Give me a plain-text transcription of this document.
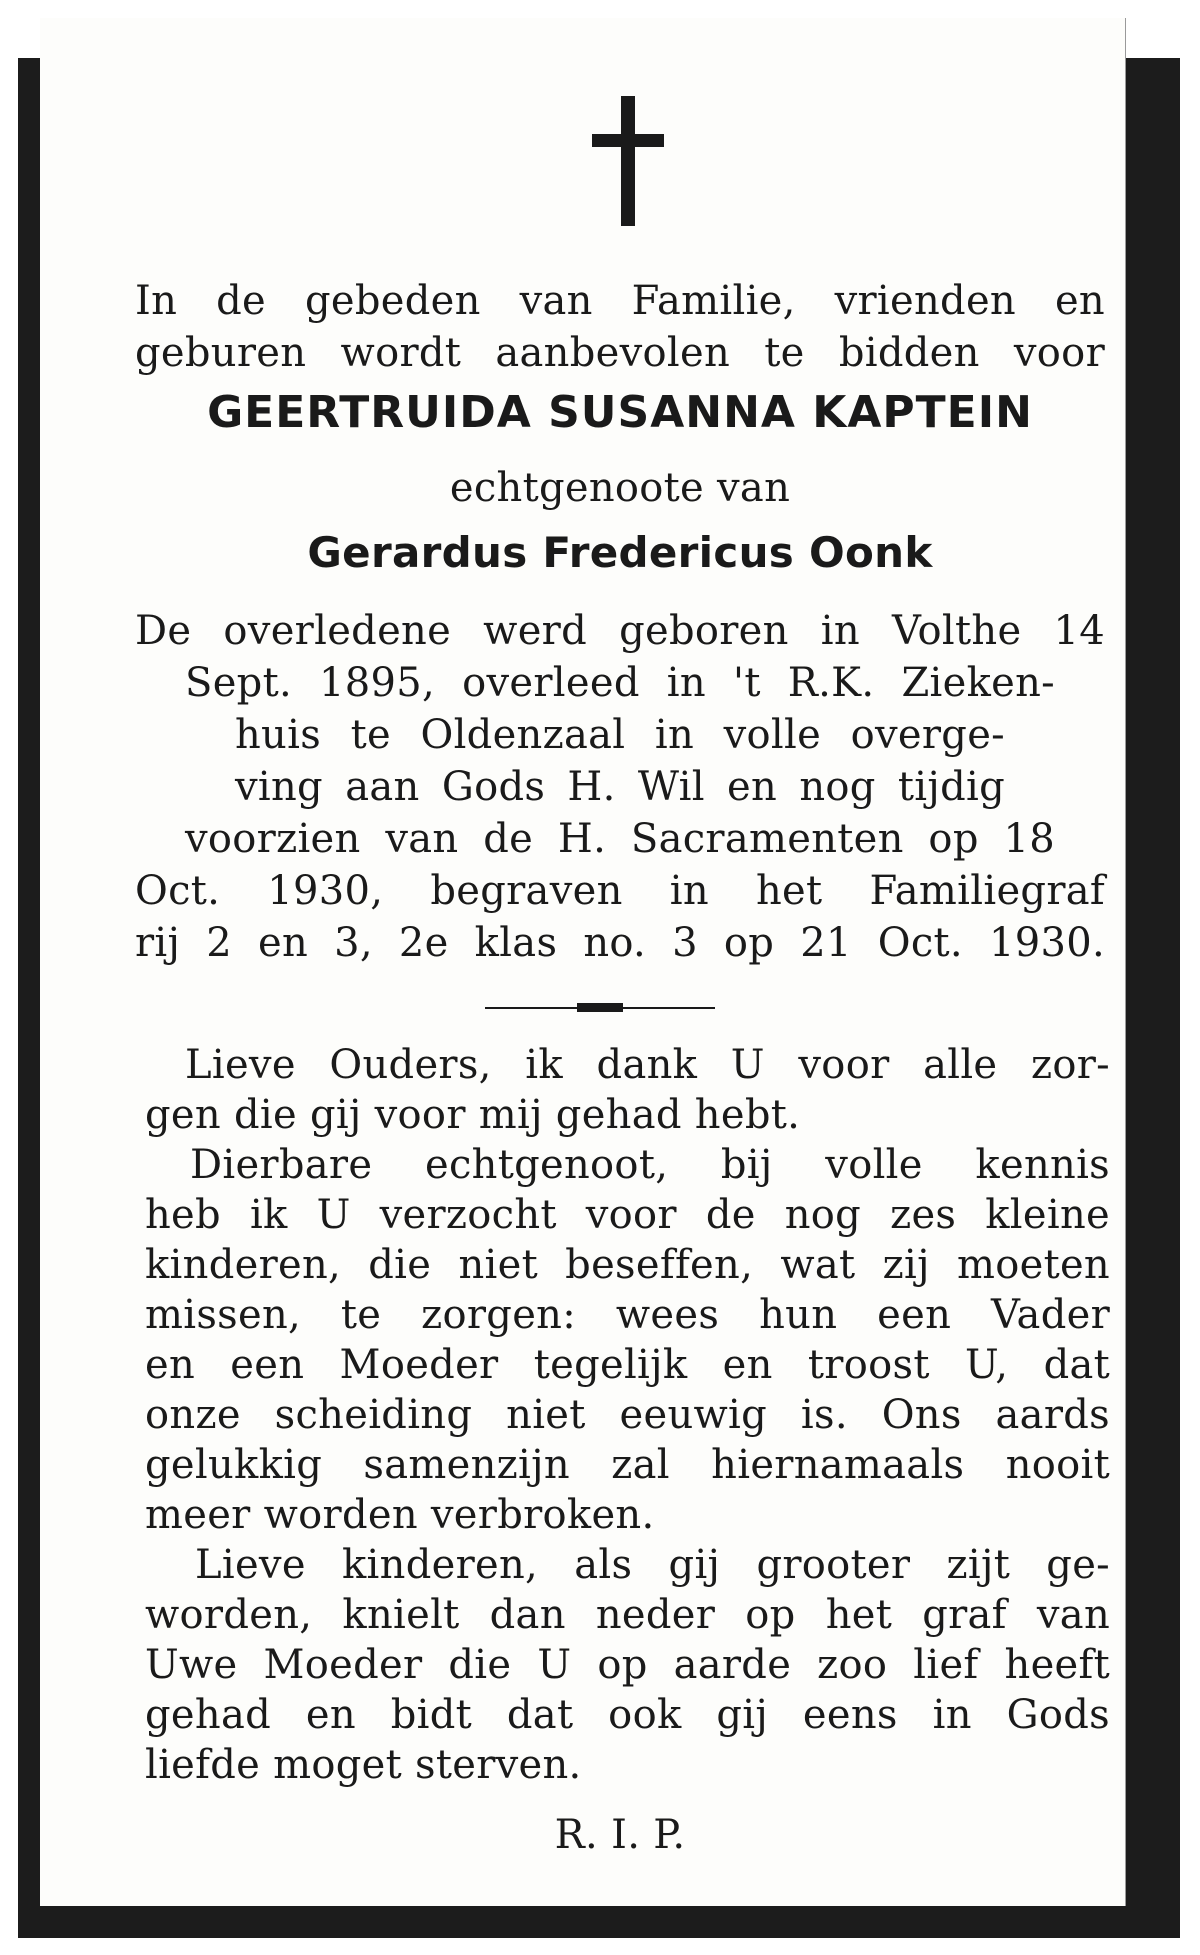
In de gebeden van Familie, vrienden en
geburen wordt aanbevolen te bidden voor
GEERTRUIDA SUSANNA KAPTEIN
echtgenoote van
Gerardus Fredericus Oonk
De overledene werd geboren in Volthe 14
Sept. 1895, overleed in 't R.K. Zieken-
huis te Oldenzaal in volle overge-
ving aan Gods H. Wil en nog tijdig
voorzien van de H. Sacramenten op 18
Oct. 1930, begraven in het Familiegraf
rij 2 en 3, 2e klas no. 3 op 21 Oct. 1930.
Lieve Ouders, ik dank U voor alle zor-
gen die gij voor mij gehad hebt.
Dierbare echtgenoot, bij volle kennis
heb ik U verzocht voor de nog zes kleine
kinderen, die niet beseffen, wat zij moeten
missen, te zorgen: wees hun een Vader
en een Moeder tegelijk en troost U, dat
onze scheiding niet eeuwig is. Ons aards
gelukkig samenzijn zal hiernamaals nooit
meer worden verbroken.
Lieve kinderen, als gij grooter zijt ge-
worden, knielt dan neder op het graf van
Uwe Moeder die U op aarde zoo lief heeft
gehad en bidt dat ook gij eens in Gods
liefde moget sterven.
R. I. P.
